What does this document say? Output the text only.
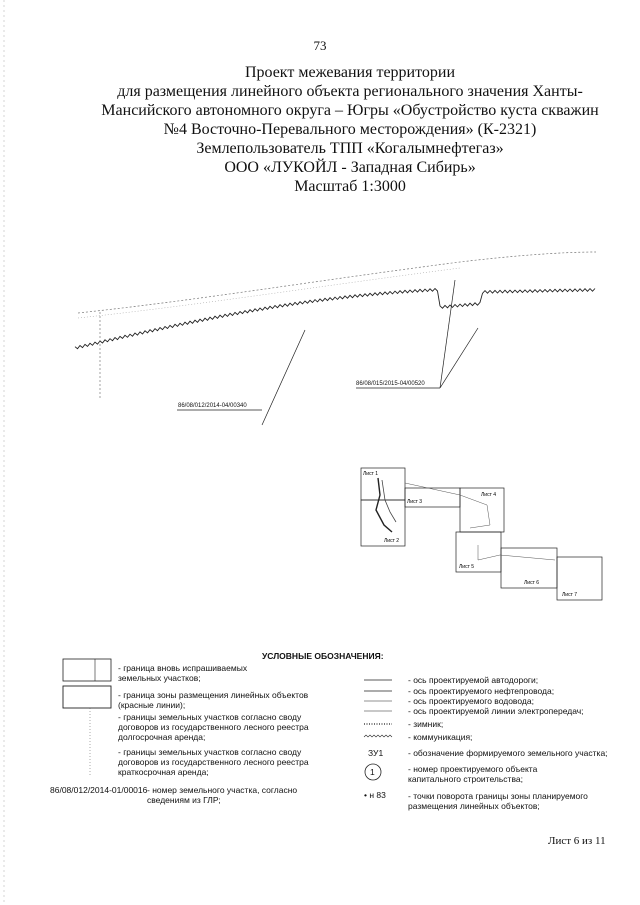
73
Проект межевания территории
для размещения линейного объекта регионального значения Ханты-
Мансийского автономного округа – Югры «Обустройство куста скважин
№4 Восточно-Перевального месторождения» (К-2321)
Землепользователь ТПП «Когалымнефтегаз»
ООО «ЛУКОЙЛ - Западная Сибирь»
Масштаб 1:3000
86/08/012/2014-04/00340
86/08/015/2015-04/00520
Лист 1
Лист 2
Лист 3
Лист 4
Лист 5
Лист 6
Лист 7
УСЛОВНЫЕ ОБОЗНАЧЕНИЯ:
- граница вновь испрашиваемых земельных участков;
- граница зоны размещения линейных объектов (красные линии);
- границы земельных участков согласно своду договоров из государственного лесного реестра долгосрочная аренда;
- границы земельных участков согласно своду договоров из государственного лесного реестра краткосрочная аренда;
86/08/012/2014-01/00016 - номер земельного участка, согласно сведениям из ГЛР;
- ось проектируемой автодороги;
- ось проектируемого нефтепровода;
- ось проектируемого водовода;
- ось проектируемой линии электропередач;
- зимник;
- коммуникация;
ЗУ1	- обозначение формируемого земельного участка;
1	- номер проектируемого объекта капитального строительства;
• н 83	- точки поворота границы зоны планируемого размещения линейных объектов;
Лист 6 из 11
